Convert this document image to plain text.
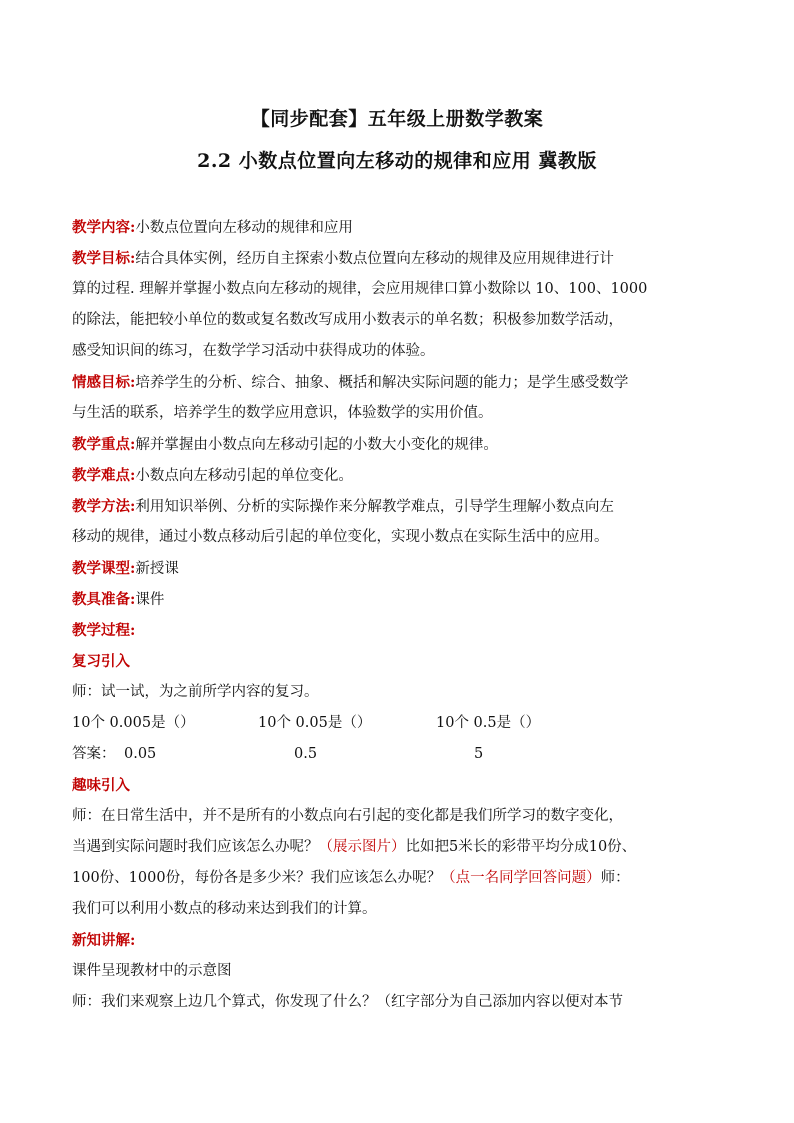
【同步配套】五年级上册数学教案
2.2 小数点位置向左移动的规律和应用 冀教版
教学内容:小数点位置向左移动的规律和应用
教学目标:结合具体实例，经历自主探索小数点位置向左移动的规律及应用规律进行计
算的过程. 理解并掌握小数点向左移动的规律，会应用规律口算小数除以 10、100、1000
的除法，能把较小单位的数或复名数改写成用小数表示的单名数；积极参加数学活动，
感受知识间的练习，在数学学习活动中获得成功的体验。
情感目标:培养学生的分析、综合、抽象、概括和解决实际问题的能力；是学生感受数学
与生活的联系，培养学生的数学应用意识，体验数学的实用价值。
教学重点:解并掌握由小数点向左移动引起的小数大小变化的规律。
教学难点:小数点向左移动引起的单位变化。
教学方法:利用知识举例、分析的实际操作来分解教学难点，引导学生理解小数点向左
移动的规律，通过小数点移动后引起的单位变化，实现小数点在实际生活中的应用。
教学课型:新授课
教具准备:课件
教学过程:
复习引入
师：试一试，为之前所学内容的复习。
10个 0.005是（）	10个 0.05是（）	10个 0.5是（）
答案： 0.05	0.5	5
趣味引入
师：在日常生活中，并不是所有的小数点向右引起的变化都是我们所学习的数字变化，
当遇到实际问题时我们应该怎么办呢？（展示图片）比如把5米长的彩带平均分成10份、
100份、1000份，每份各是多少米？我们应该怎么办呢？（点一名同学回答问题）师：
我们可以利用小数点的移动来达到我们的计算。
新知讲解:
课件呈现教材中的示意图
师：我们来观察上边几个算式，你发现了什么？（红字部分为自己添加内容以便对本节
